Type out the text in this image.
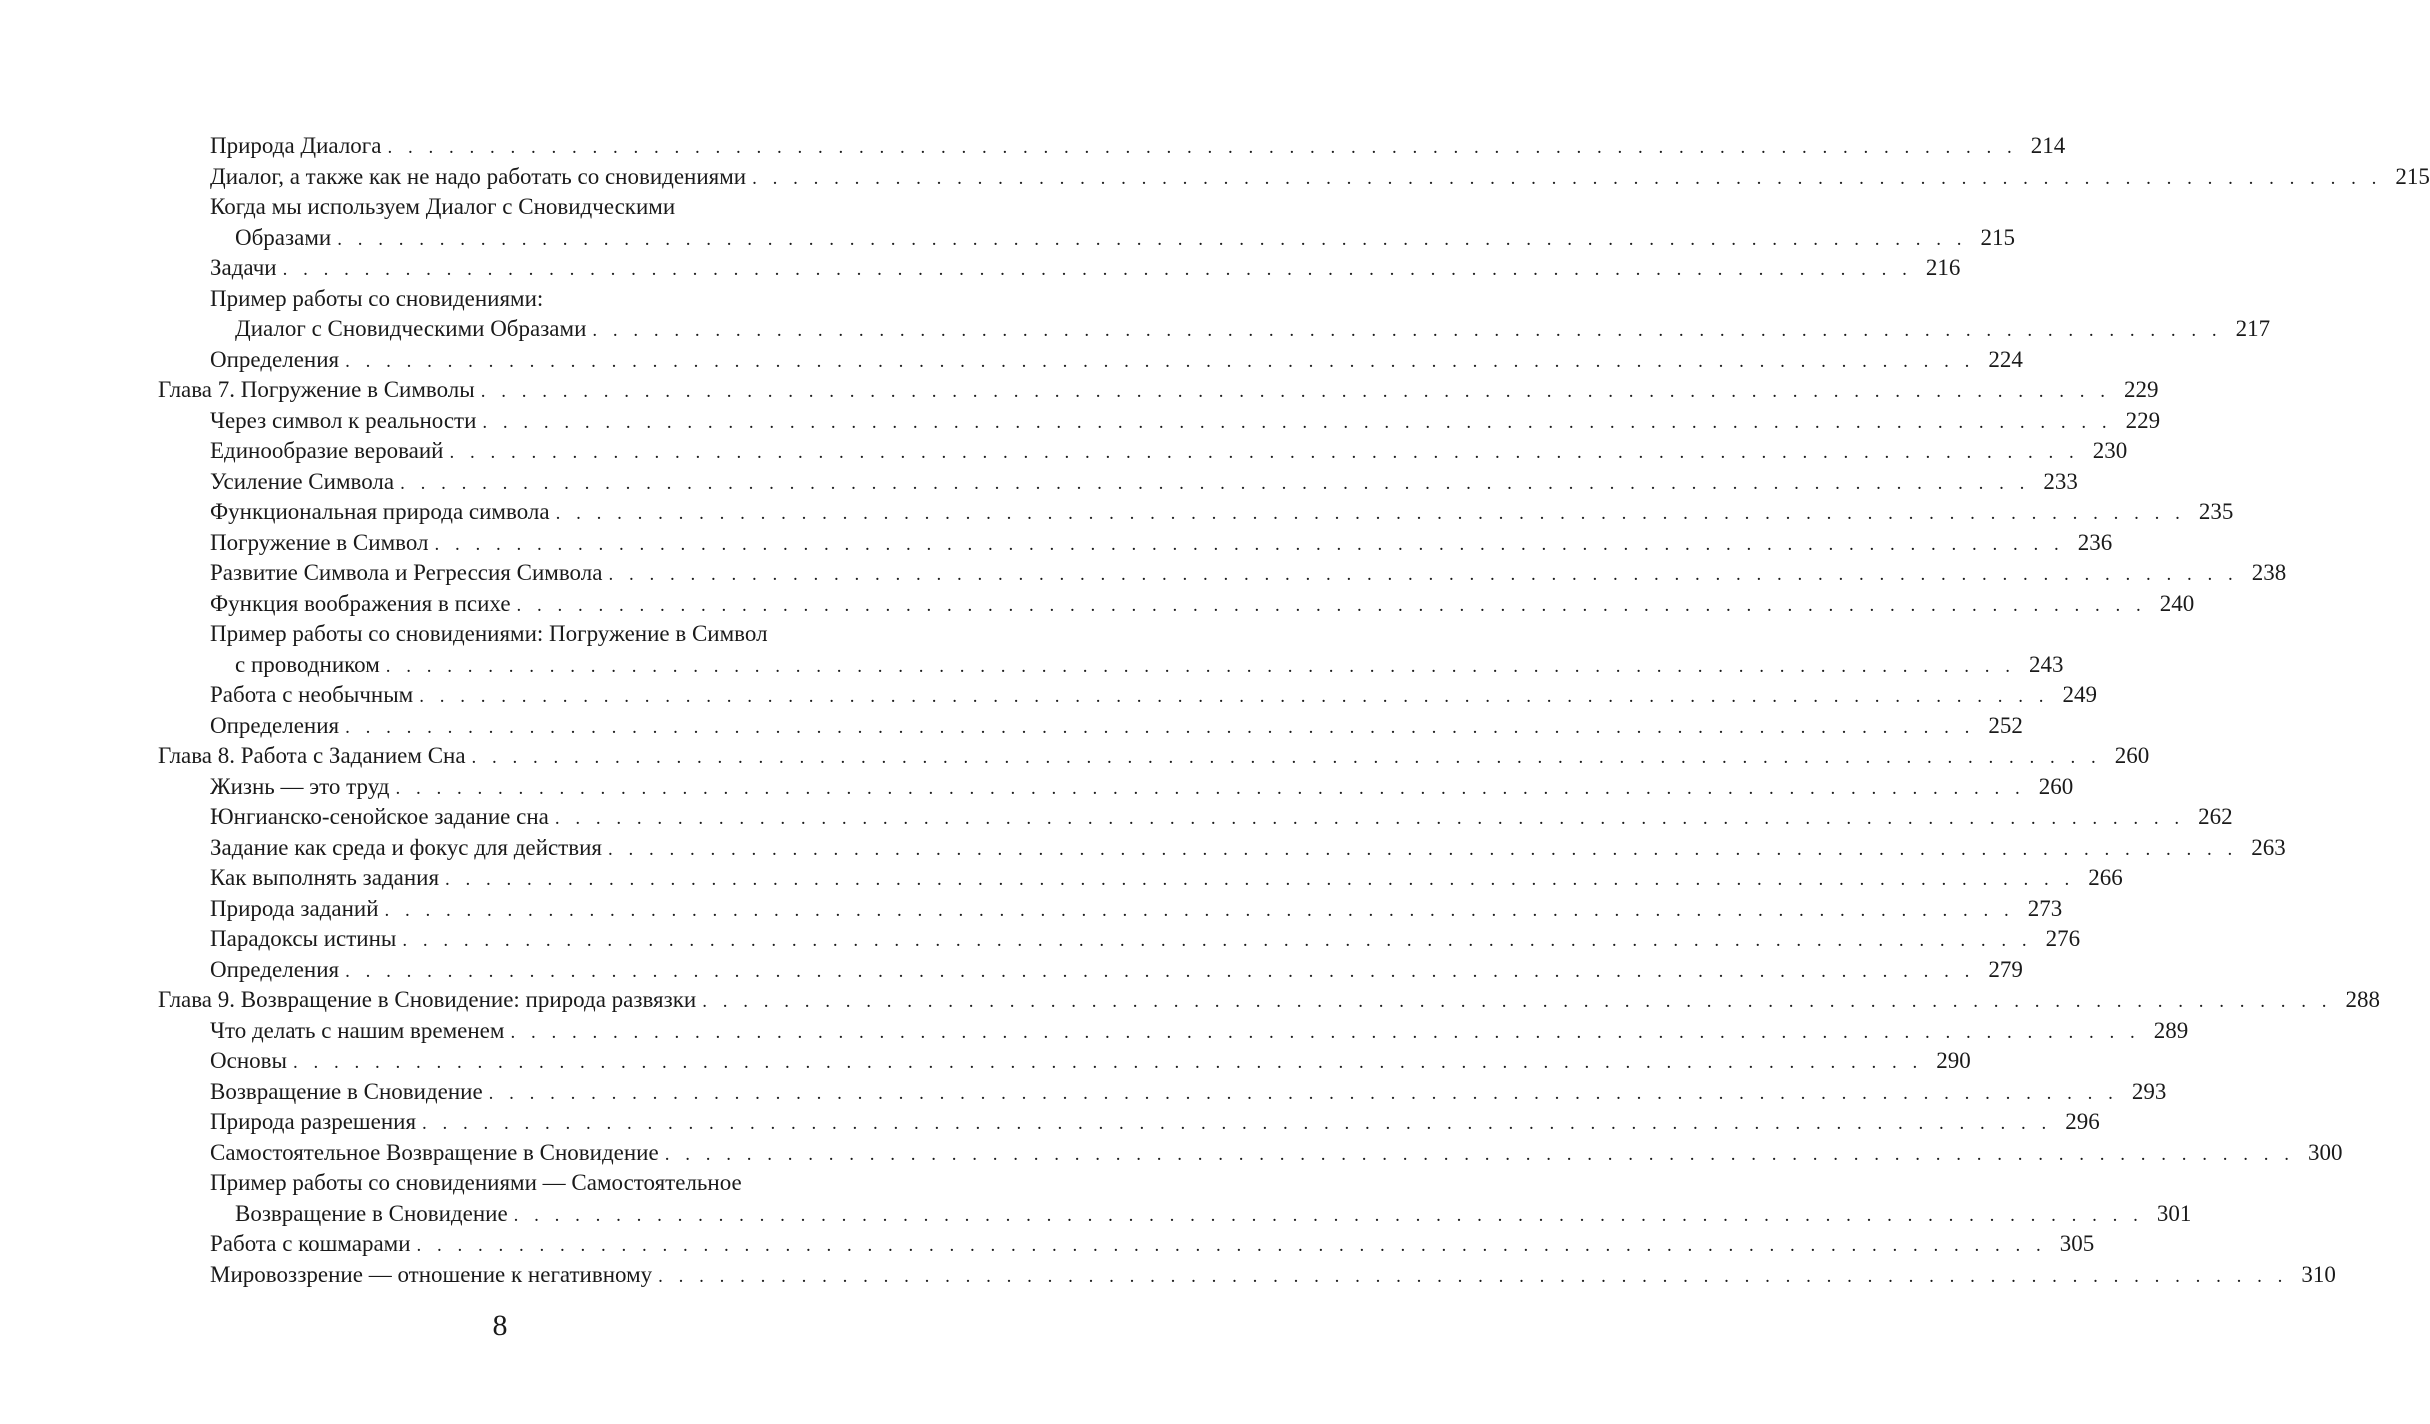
Природа Диалога . . . . . . . . . . . . . . . . . . . . . . . . . . . . . . . . . . . . . . . . . . . . . . . . . . . . . . . . . . . . . . . . . . . . . . . . . . . . . . . . 214
Диалог, а также как не надо работать со сновидениями . . . . . . . . . . . . . . . . . . . . . . . . . . . . . . . . . . . . . . . . . . . . . . . . . . . . . . . . . . . . . . . . . . . . . . . . . . . . . . . . 215
Когда мы используем Диалог с Сновидческими
Образами . . . . . . . . . . . . . . . . . . . . . . . . . . . . . . . . . . . . . . . . . . . . . . . . . . . . . . . . . . . . . . . . . . . . . . . . . . . . . . . . 215
Задачи . . . . . . . . . . . . . . . . . . . . . . . . . . . . . . . . . . . . . . . . . . . . . . . . . . . . . . . . . . . . . . . . . . . . . . . . . . . . . . . . 216
Пример работы со сновидениями:
Диалог с Сновидческими Образами . . . . . . . . . . . . . . . . . . . . . . . . . . . . . . . . . . . . . . . . . . . . . . . . . . . . . . . . . . . . . . . . . . . . . . . . . . . . . . . . 217
Определения . . . . . . . . . . . . . . . . . . . . . . . . . . . . . . . . . . . . . . . . . . . . . . . . . . . . . . . . . . . . . . . . . . . . . . . . . . . . . . . . 224
Глава 7. Погружение в Символы . . . . . . . . . . . . . . . . . . . . . . . . . . . . . . . . . . . . . . . . . . . . . . . . . . . . . . . . . . . . . . . . . . . . . . . . . . . . . . . . 229
Через символ к реальности . . . . . . . . . . . . . . . . . . . . . . . . . . . . . . . . . . . . . . . . . . . . . . . . . . . . . . . . . . . . . . . . . . . . . . . . . . . . . . . . 229
Единообразие вероваий . . . . . . . . . . . . . . . . . . . . . . . . . . . . . . . . . . . . . . . . . . . . . . . . . . . . . . . . . . . . . . . . . . . . . . . . . . . . . . . . 230
Усиление Символа . . . . . . . . . . . . . . . . . . . . . . . . . . . . . . . . . . . . . . . . . . . . . . . . . . . . . . . . . . . . . . . . . . . . . . . . . . . . . . . . 233
Функциональная природа символа . . . . . . . . . . . . . . . . . . . . . . . . . . . . . . . . . . . . . . . . . . . . . . . . . . . . . . . . . . . . . . . . . . . . . . . . . . . . . . . . 235
Погружение в Символ . . . . . . . . . . . . . . . . . . . . . . . . . . . . . . . . . . . . . . . . . . . . . . . . . . . . . . . . . . . . . . . . . . . . . . . . . . . . . . . . 236
Развитие Символа и Регрессия Символа . . . . . . . . . . . . . . . . . . . . . . . . . . . . . . . . . . . . . . . . . . . . . . . . . . . . . . . . . . . . . . . . . . . . . . . . . . . . . . . . 238
Функция воображения в психе . . . . . . . . . . . . . . . . . . . . . . . . . . . . . . . . . . . . . . . . . . . . . . . . . . . . . . . . . . . . . . . . . . . . . . . . . . . . . . . . 240
Пример работы со сновидениями: Погружение в Символ
с проводником . . . . . . . . . . . . . . . . . . . . . . . . . . . . . . . . . . . . . . . . . . . . . . . . . . . . . . . . . . . . . . . . . . . . . . . . . . . . . . . . 243
Работа с необычным . . . . . . . . . . . . . . . . . . . . . . . . . . . . . . . . . . . . . . . . . . . . . . . . . . . . . . . . . . . . . . . . . . . . . . . . . . . . . . . . 249
Определения . . . . . . . . . . . . . . . . . . . . . . . . . . . . . . . . . . . . . . . . . . . . . . . . . . . . . . . . . . . . . . . . . . . . . . . . . . . . . . . . 252
Глава 8. Работа с Заданием Сна . . . . . . . . . . . . . . . . . . . . . . . . . . . . . . . . . . . . . . . . . . . . . . . . . . . . . . . . . . . . . . . . . . . . . . . . . . . . . . . . 260
Жизнь — это труд . . . . . . . . . . . . . . . . . . . . . . . . . . . . . . . . . . . . . . . . . . . . . . . . . . . . . . . . . . . . . . . . . . . . . . . . . . . . . . . . 260
Юнгианско-сенойское задание сна . . . . . . . . . . . . . . . . . . . . . . . . . . . . . . . . . . . . . . . . . . . . . . . . . . . . . . . . . . . . . . . . . . . . . . . . . . . . . . . . 262
Задание как среда и фокус для действия . . . . . . . . . . . . . . . . . . . . . . . . . . . . . . . . . . . . . . . . . . . . . . . . . . . . . . . . . . . . . . . . . . . . . . . . . . . . . . . . 263
Как выполнять задания . . . . . . . . . . . . . . . . . . . . . . . . . . . . . . . . . . . . . . . . . . . . . . . . . . . . . . . . . . . . . . . . . . . . . . . . . . . . . . . . 266
Природа заданий . . . . . . . . . . . . . . . . . . . . . . . . . . . . . . . . . . . . . . . . . . . . . . . . . . . . . . . . . . . . . . . . . . . . . . . . . . . . . . . . 273
Парадоксы истины . . . . . . . . . . . . . . . . . . . . . . . . . . . . . . . . . . . . . . . . . . . . . . . . . . . . . . . . . . . . . . . . . . . . . . . . . . . . . . . . 276
Определения . . . . . . . . . . . . . . . . . . . . . . . . . . . . . . . . . . . . . . . . . . . . . . . . . . . . . . . . . . . . . . . . . . . . . . . . . . . . . . . . 279
Глава 9. Возвращение в Сновидение: природа развязки . . . . . . . . . . . . . . . . . . . . . . . . . . . . . . . . . . . . . . . . . . . . . . . . . . . . . . . . . . . . . . . . . . . . . . . . . . . . . . . . 288
Что делать с нашим временем . . . . . . . . . . . . . . . . . . . . . . . . . . . . . . . . . . . . . . . . . . . . . . . . . . . . . . . . . . . . . . . . . . . . . . . . . . . . . . . . 289
Основы . . . . . . . . . . . . . . . . . . . . . . . . . . . . . . . . . . . . . . . . . . . . . . . . . . . . . . . . . . . . . . . . . . . . . . . . . . . . . . . . 290
Возвращение в Сновидение . . . . . . . . . . . . . . . . . . . . . . . . . . . . . . . . . . . . . . . . . . . . . . . . . . . . . . . . . . . . . . . . . . . . . . . . . . . . . . . . 293
Природа разрешения . . . . . . . . . . . . . . . . . . . . . . . . . . . . . . . . . . . . . . . . . . . . . . . . . . . . . . . . . . . . . . . . . . . . . . . . . . . . . . . . 296
Самостоятельное Возвращение в Сновидение . . . . . . . . . . . . . . . . . . . . . . . . . . . . . . . . . . . . . . . . . . . . . . . . . . . . . . . . . . . . . . . . . . . . . . . . . . . . . . . . 300
Пример работы со сновидениями — Самостоятельное
Возвращение в Сновидение . . . . . . . . . . . . . . . . . . . . . . . . . . . . . . . . . . . . . . . . . . . . . . . . . . . . . . . . . . . . . . . . . . . . . . . . . . . . . . . . 301
Работа с кошмарами . . . . . . . . . . . . . . . . . . . . . . . . . . . . . . . . . . . . . . . . . . . . . . . . . . . . . . . . . . . . . . . . . . . . . . . . . . . . . . . . 305
Мировоззрение — отношение к негативному . . . . . . . . . . . . . . . . . . . . . . . . . . . . . . . . . . . . . . . . . . . . . . . . . . . . . . . . . . . . . . . . . . . . . . . . . . . . . . . . 310
8
